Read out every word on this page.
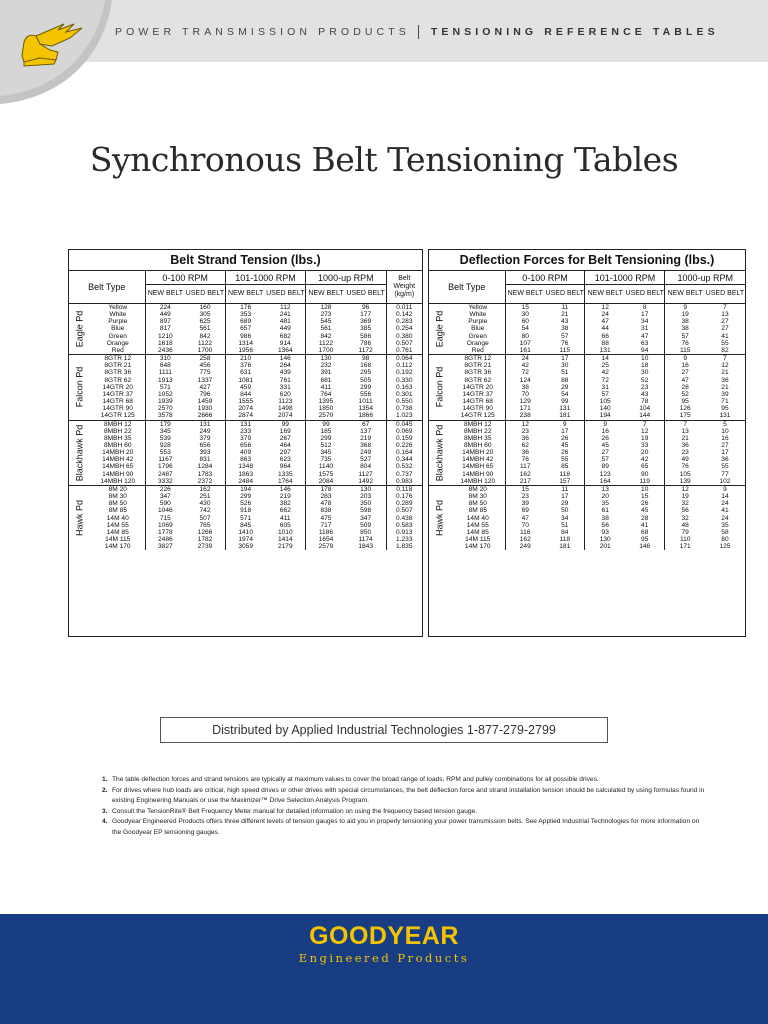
POWER TRANSMISSION PRODUCTS TENSIONING REFERENCE TABLES
Synchronous Belt Tensioning Tables
Belt Strand Tension (lbs.)
Belt Type		0-100 RPM		101-1000 RPM		1000-up RPM		Belt Weight (kg/m)
		NEW BELT	USED BELT	NEW BELT	USED BELT	NEW BELT	USED BELT	

Eagle Pd	Yellow	224	160	176	112	128	96	0.011
	White	449	305	353	241	273	177	0.142
	Purple	897	625	689	481	545	369	0.283
	Blue	817	561	657	449	561	385	0.254
	Green	1210	842	986	682	842	586	0.380
	Orange	1618	1122	1314	914	1122	786	0.507
	Red	2436	1700	1956	1364	1700	1172	0.761

Falcon Pd	8GTR 12	310	258	210	146	130	98	0.064
	8GTR 21	648	456	376	264	232	168	0.112
	8GTR 36	1111	775	631	439	391	295	0.192
	8GTR 62	1913	1337	1081	761	681	505	0.330
	14GTR 20	571	427	459	331	411	299	0.163
	14GTR 37	1052	796	844	620	764	556	0.301
	14GTR 68	1939	1459	1555	1123	1395	1011	0.550
	14GTR 90	2570	1930	2074	1498	1850	1354	0.738
	14GTR 125	3578	2666	2874	2074	2570	1866	1.023

Blackhawk Pd	8MBH 12	179	131	131	99	99	67	0.045
	8MBH 22	345	249	233	169	185	137	0.069
	8MBH 35	539	379	379	267	299	219	0.159
	8MBH 60	928	656	656	464	512	368	0.226
	14MBH 20	553	393	409	297	345	249	0.164
	14MBH 42	1167	831	863	623	735	527	0.344
	14MBH 65	1796	1284	1348	964	1140	804	0.532
	14MBH 90	2487	1783	1863	1335	1575	1127	0.737
	14MBH 120	3332	2372	2484	1764	2084	1492	0.983

Hawk Pd	8M 20	226	162	194	146	178	130	0.118
	8M 30	347	251	299	219	283	203	0.176
	8M 50	590	430	526	382	478	350	0.289
	8M 85	1046	742	918	662	838	598	0.507
	14M 40	715	507	571	411	475	347	0.438
	14M 55	1069	765	845	605	717	509	0.583
	14M 85	1778	1266	1410	1010	1186	850	0.913
	14M 115	2486	1782	1974	1414	1654	1174	1.233
	14M 170	3827	2739	3059	2179	2579	1843	1.835
Deflection Forces for Belt Tensioning (lbs.)
Belt Type		0-100 RPM		101-1000 RPM		1000-up RPM	
		NEW BELT	USED BELT	NEW BELT	USED BELT	NEW BELT	USED BELT

Eagle Pd	Yellow	15	11	12	8	9	7
	White	30	21	24	17	19	13
	Purple	60	43	47	34	38	27
	Blue	54	38	44	31	38	27
	Green	80	57	66	47	57	41
	Orange	107	76	88	63	76	55
	Red	161	115	131	94	115	82

Falcon Pd	8GTR 12	24	17	14	10	9	7
	8GTR 21	42	30	25	18	16	12
	8GTR 36	72	51	42	30	27	21
	8GTR 62	124	88	72	52	47	36
	14GTR 20	38	29	31	23	28	21
	14GTR 37	70	54	57	43	52	39
	14GTR 68	129	99	105	78	95	71
	14GTR 90	171	131	140	104	126	95
	14GTR 125	238	181	194	144	175	131

Blackhawk Pd	8MBH 12	12	9	9	7	7	5
	8MBH 22	23	17	16	12	13	10
	8MBH 35	36	26	26	19	21	16
	8MBH 60	62	45	45	33	36	27
	14MBH 20	36	26	27	20	23	17
	14MBH 42	76	55	57	42	49	36
	14MBH 65	117	85	89	65	76	55
	14MBH 90	162	118	123	90	105	77
	14MBH 120	217	157	164	119	139	102

Hawk Pd	8M 20	15	11	13	10	12	9
	8M 30	23	17	20	15	19	14
	8M 50	39	29	35	26	32	24
	8M 85	69	50	61	45	56	41
	14M 40	47	34	38	28	32	24
	14M 55	70	51	56	41	48	35
	14M 85	116	84	93	68	79	58
	14M 115	162	118	130	95	110	80
	14M 170	249	181	201	146	171	125
Distributed by Applied Industrial Technologies 1-877-279-2799
1. The table deflection forces and strand tensions are typically at maximum values to cover the broad range of loads, RPM and pulley combinations for all possible drives.
2. For drives where hub loads are critical, high speed drives or other drives with special circumstances, the belt deflection force and strand installation tension should be calculated by using formulas found in existing Engineering Manuals or use the Maximizer™ Drive Selection Analysis Program.
3. Consult the TensionRite® Belt Frequency Meter manual for detailed information on using the frequency based tension gauge.
4. Goodyear Engineered Products offers three different levels of tension gauges to aid you in properly tensioning your power transmission belts. See Applied Industrial Technologies for more information on the Goodyear EP tensioning gauges.
GOODYEAR
Engineered Products
